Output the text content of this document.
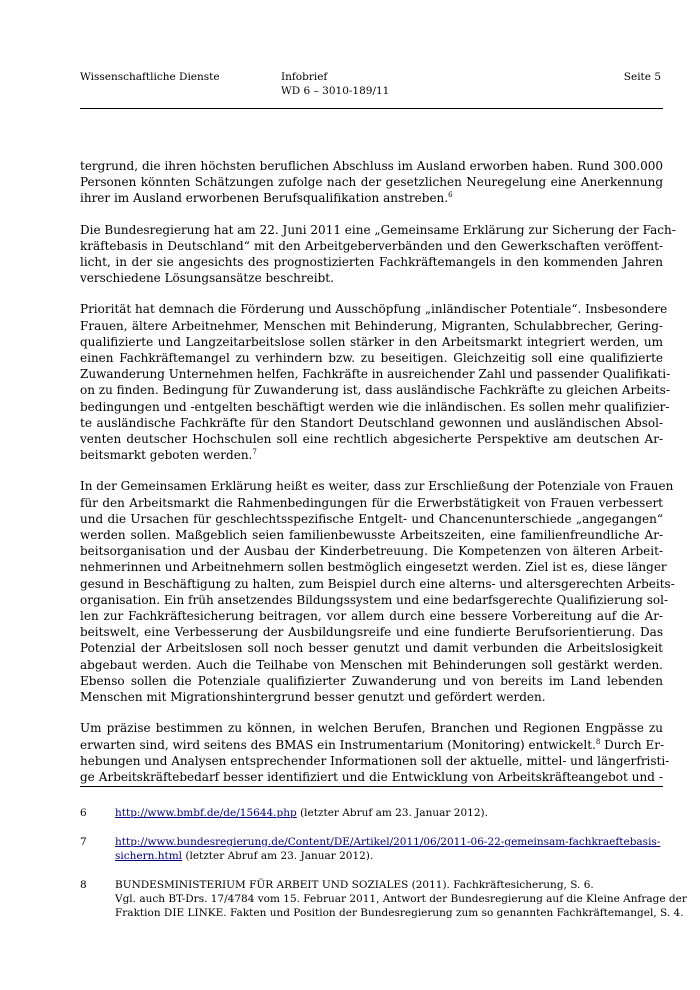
Wissenschaftliche Dienste	Infobrief
WD 6 – 3010-189/11
Seite 5

tergrund, die ihren höchsten beruflichen Abschluss im Ausland erworben haben. Rund 300.000
Personen könnten Schätzungen zufolge nach der gesetzlichen Neuregelung eine Anerkennung
ihrer im Ausland erworbenen Berufsqualifikation anstreben.$^6$

Die Bundesregierung hat am 22. Juni 2011 eine „Gemeinsame Erklärung zur Sicherung der Fach-
kräftebasis in Deutschland“ mit den Arbeitgeberverbänden und den Gewerkschaften veröffent-
licht, in der sie angesichts des prognostizierten Fachkräftemangels in den kommenden Jahren
verschiedene Lösungsansätze beschreibt.

Priorität hat demnach die Förderung und Ausschöpfung „inländischer Potentiale“. Insbesondere
Frauen, ältere Arbeitnehmer, Menschen mit Behinderung, Migranten, Schulabbrecher, Gering-
qualifizierte und Langzeitarbeitslose sollen stärker in den Arbeitsmarkt integriert werden, um
einen Fachkräftemangel zu verhindern bzw. zu beseitigen. Gleichzeitig soll eine qualifizierte
Zuwanderung Unternehmen helfen, Fachkräfte in ausreichender Zahl und passender Qualifikati-
on zu finden. Bedingung für Zuwanderung ist, dass ausländische Fachkräfte zu gleichen Arbeits-
bedingungen und -entgelten beschäftigt werden wie die inländischen. Es sollen mehr qualifizier-
te ausländische Fachkräfte für den Standort Deutschland gewonnen und ausländischen Absol-
venten deutscher Hochschulen soll eine rechtlich abgesicherte Perspektive am deutschen Ar-
beitsmarkt geboten werden.$^7$

In der Gemeinsamen Erklärung heißt es weiter, dass zur Erschließung der Potenziale von Frauen
für den Arbeitsmarkt die Rahmenbedingungen für die Erwerbstätigkeit von Frauen verbessert
und die Ursachen für geschlechtsspezifische Entgelt- und Chancenunterschiede „angegangen“
werden sollen. Maßgeblich seien familienbewusste Arbeitszeiten, eine familienfreundliche Ar-
beitsorganisation und der Ausbau der Kinderbetreuung. Die Kompetenzen von älteren Arbeit-
nehmerinnen und Arbeitnehmern sollen bestmöglich eingesetzt werden. Ziel ist es, diese länger
gesund in Beschäftigung zu halten, zum Beispiel durch eine alterns- und altersgerechten Arbeits-
organisation. Ein früh ansetzendes Bildungssystem und eine bedarfsgerechte Qualifizierung sol-
len zur Fachkräftesicherung beitragen, vor allem durch eine bessere Vorbereitung auf die Ar-
beitswelt, eine Verbesserung der Ausbildungsreife und eine fundierte Berufsorientierung. Das
Potenzial der Arbeitslosen soll noch besser genutzt und damit verbunden die Arbeitslosigkeit
abgebaut werden. Auch die Teilhabe von Menschen mit Behinderungen soll gestärkt werden.
Ebenso sollen die Potenziale qualifizierter Zuwanderung und von bereits im Land lebenden
Menschen mit Migrationshintergrund besser genutzt und gefördert werden.

Um präzise bestimmen zu können, in welchen Berufen, Branchen und Regionen Engpässe zu
erwarten sind, wird seitens des BMAS ein Instrumentarium (Monitoring) entwickelt.$^8$ Durch Er-
hebungen und Analysen entsprechender Informationen soll der aktuelle, mittel- und längerfristi-
ge Arbeitskräftebedarf besser identifiziert und die Entwicklung von Arbeitskräfteangebot und -

6	http://www.bmbf.de/de/15644.php (letzter Abruf am 23. Januar 2012).
7	http://www.bundesregierung.de/Content/DE/Artikel/2011/06/2011-06-22-gemeinsam-fachkraeftebasis-
sichern.html (letzter Abruf am 23. Januar 2012).
8	BUNDESMINISTERIUM FÜR ARBEIT UND SOZIALES (2011). Fachkräftesicherung, S. 6.
Vgl. auch BT-Drs. 17/4784 vom 15. Februar 2011, Antwort der Bundesregierung auf die Kleine Anfrage der
Fraktion DIE LINKE. Fakten und Position der Bundesregierung zum so genannten Fachkräftemangel, S. 4.
